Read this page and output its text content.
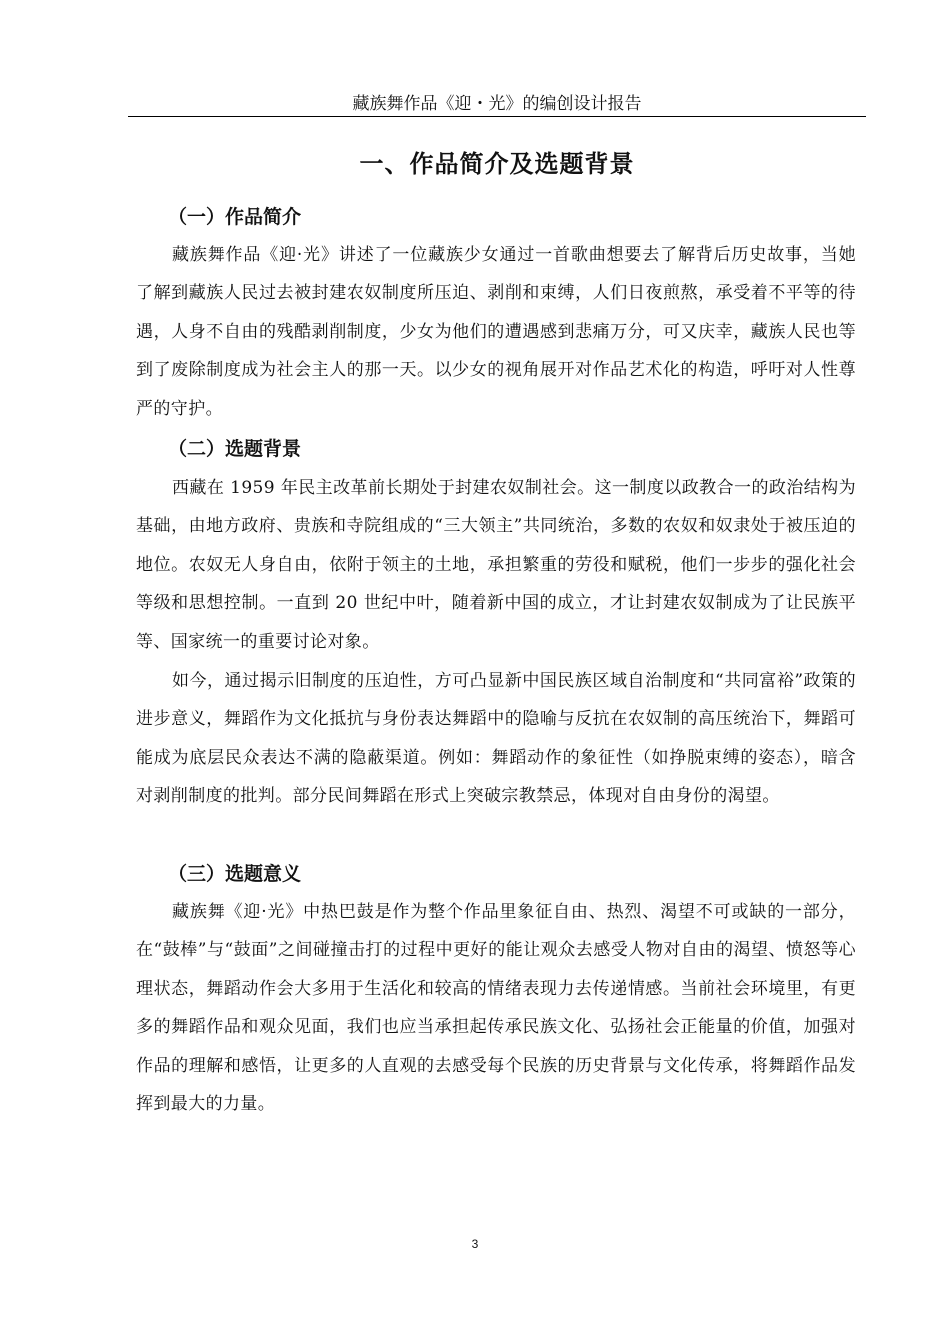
藏族舞作品《迎・光》的编创设计报告
一、作品简介及选题背景
（一）作品简介

藏族舞作品《迎·光》讲述了一位藏族少女通过一首歌曲想要去了解背后历史故事，当她了解到藏族人民过去被封建农奴制度所压迫、剥削和束缚，人们日夜煎熬，承受着不平等的待遇，人身不自由的残酷剥削制度，少女为他们的遭遇感到悲痛万分，可又庆幸，藏族人民也等到了废除制度成为社会主人的那一天。以少女的视角展开对作品艺术化的构造，呼吁对人性尊严的守护。

（二）选题背景

西藏在 1959 年民主改革前长期处于封建农奴制社会。这一制度以政教合一的政治结构为基础，由地方政府、贵族和寺院组成的“三大领主”共同统治，多数的农奴和奴隶处于被压迫的地位。农奴无人身自由，依附于领主的土地，承担繁重的劳役和赋税，他们一步步的强化社会等级和思想控制。一直到 20 世纪中叶，随着新中国的成立，才让封建农奴制成为了让民族平等、国家统一的重要讨论对象。

如今，通过揭示旧制度的压迫性，方可凸显新中国民族区域自治制度和“共同富裕”政策的进步意义，舞蹈作为文化抵抗与身份表达舞蹈中的隐喻与反抗在农奴制的高压统治下，舞蹈可能成为底层民众表达不满的隐蔽渠道。例如：舞蹈动作的象征性（如挣脱束缚的姿态），暗含对剥削制度的批判。部分民间舞蹈在形式上突破宗教禁忌，体现对自由身份的渴望。

（三）选题意义

藏族舞《迎·光》中热巴鼓是作为整个作品里象征自由、热烈、渴望不可或缺的一部分，在“鼓棒”与“鼓面”之间碰撞击打的过程中更好的能让观众去感受人物对自由的渴望、愤怒等心理状态，舞蹈动作会大多用于生活化和较高的情绪表现力去传递情感。当前社会环境里，有更多的舞蹈作品和观众见面，我们也应当承担起传承民族文化、弘扬社会正能量的价值，加强对作品的理解和感悟，让更多的人直观的去感受每个民族的历史背景与文化传承，将舞蹈作品发挥到最大的力量。

3
